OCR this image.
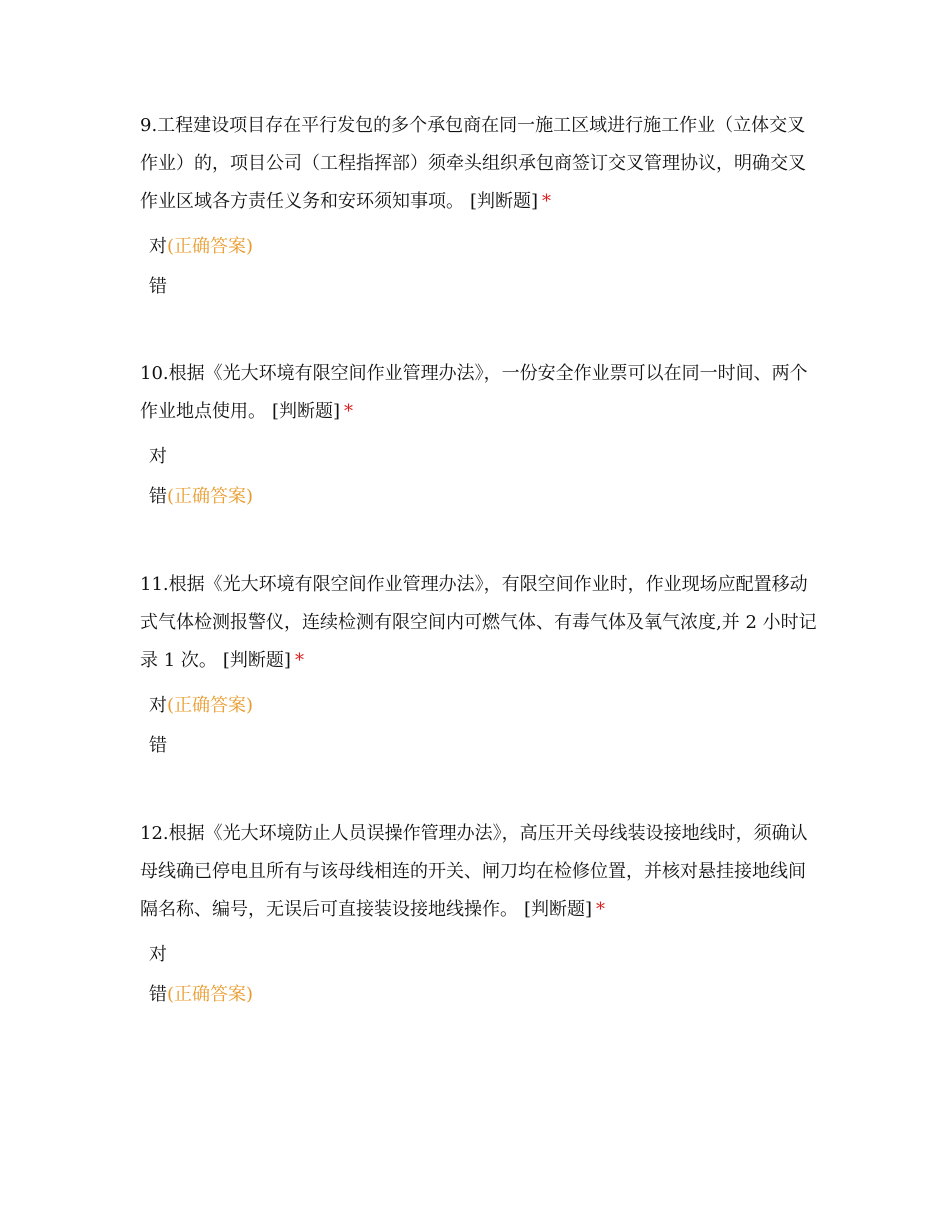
9.工程建设项目存在平行发包的多个承包商在同一施工区域进行施工作业（立体交叉作业）的，项目公司（工程指挥部）须牵头组织承包商签订交叉管理协议，明确交叉作业区域各方责任义务和安环须知事项。 [判断题] *

对(正确答案)
错

10.根据《光大环境有限空间作业管理办法》，一份安全作业票可以在同一时间、两个作业地点使用。 [判断题] *

对
错(正确答案)

11.根据《光大环境有限空间作业管理办法》，有限空间作业时，作业现场应配置移动式气体检测报警仪，连续检测有限空间内可燃气体、有毒气体及氧气浓度,并 2 小时记录 1 次。 [判断题] *

对(正确答案)
错

12.根据《光大环境防止人员误操作管理办法》，高压开关母线装设接地线时，须确认母线确已停电且所有与该母线相连的开关、闸刀均在检修位置，并核对悬挂接地线间隔名称、编号，无误后可直接装设接地线操作。 [判断题] *

对
错(正确答案)
